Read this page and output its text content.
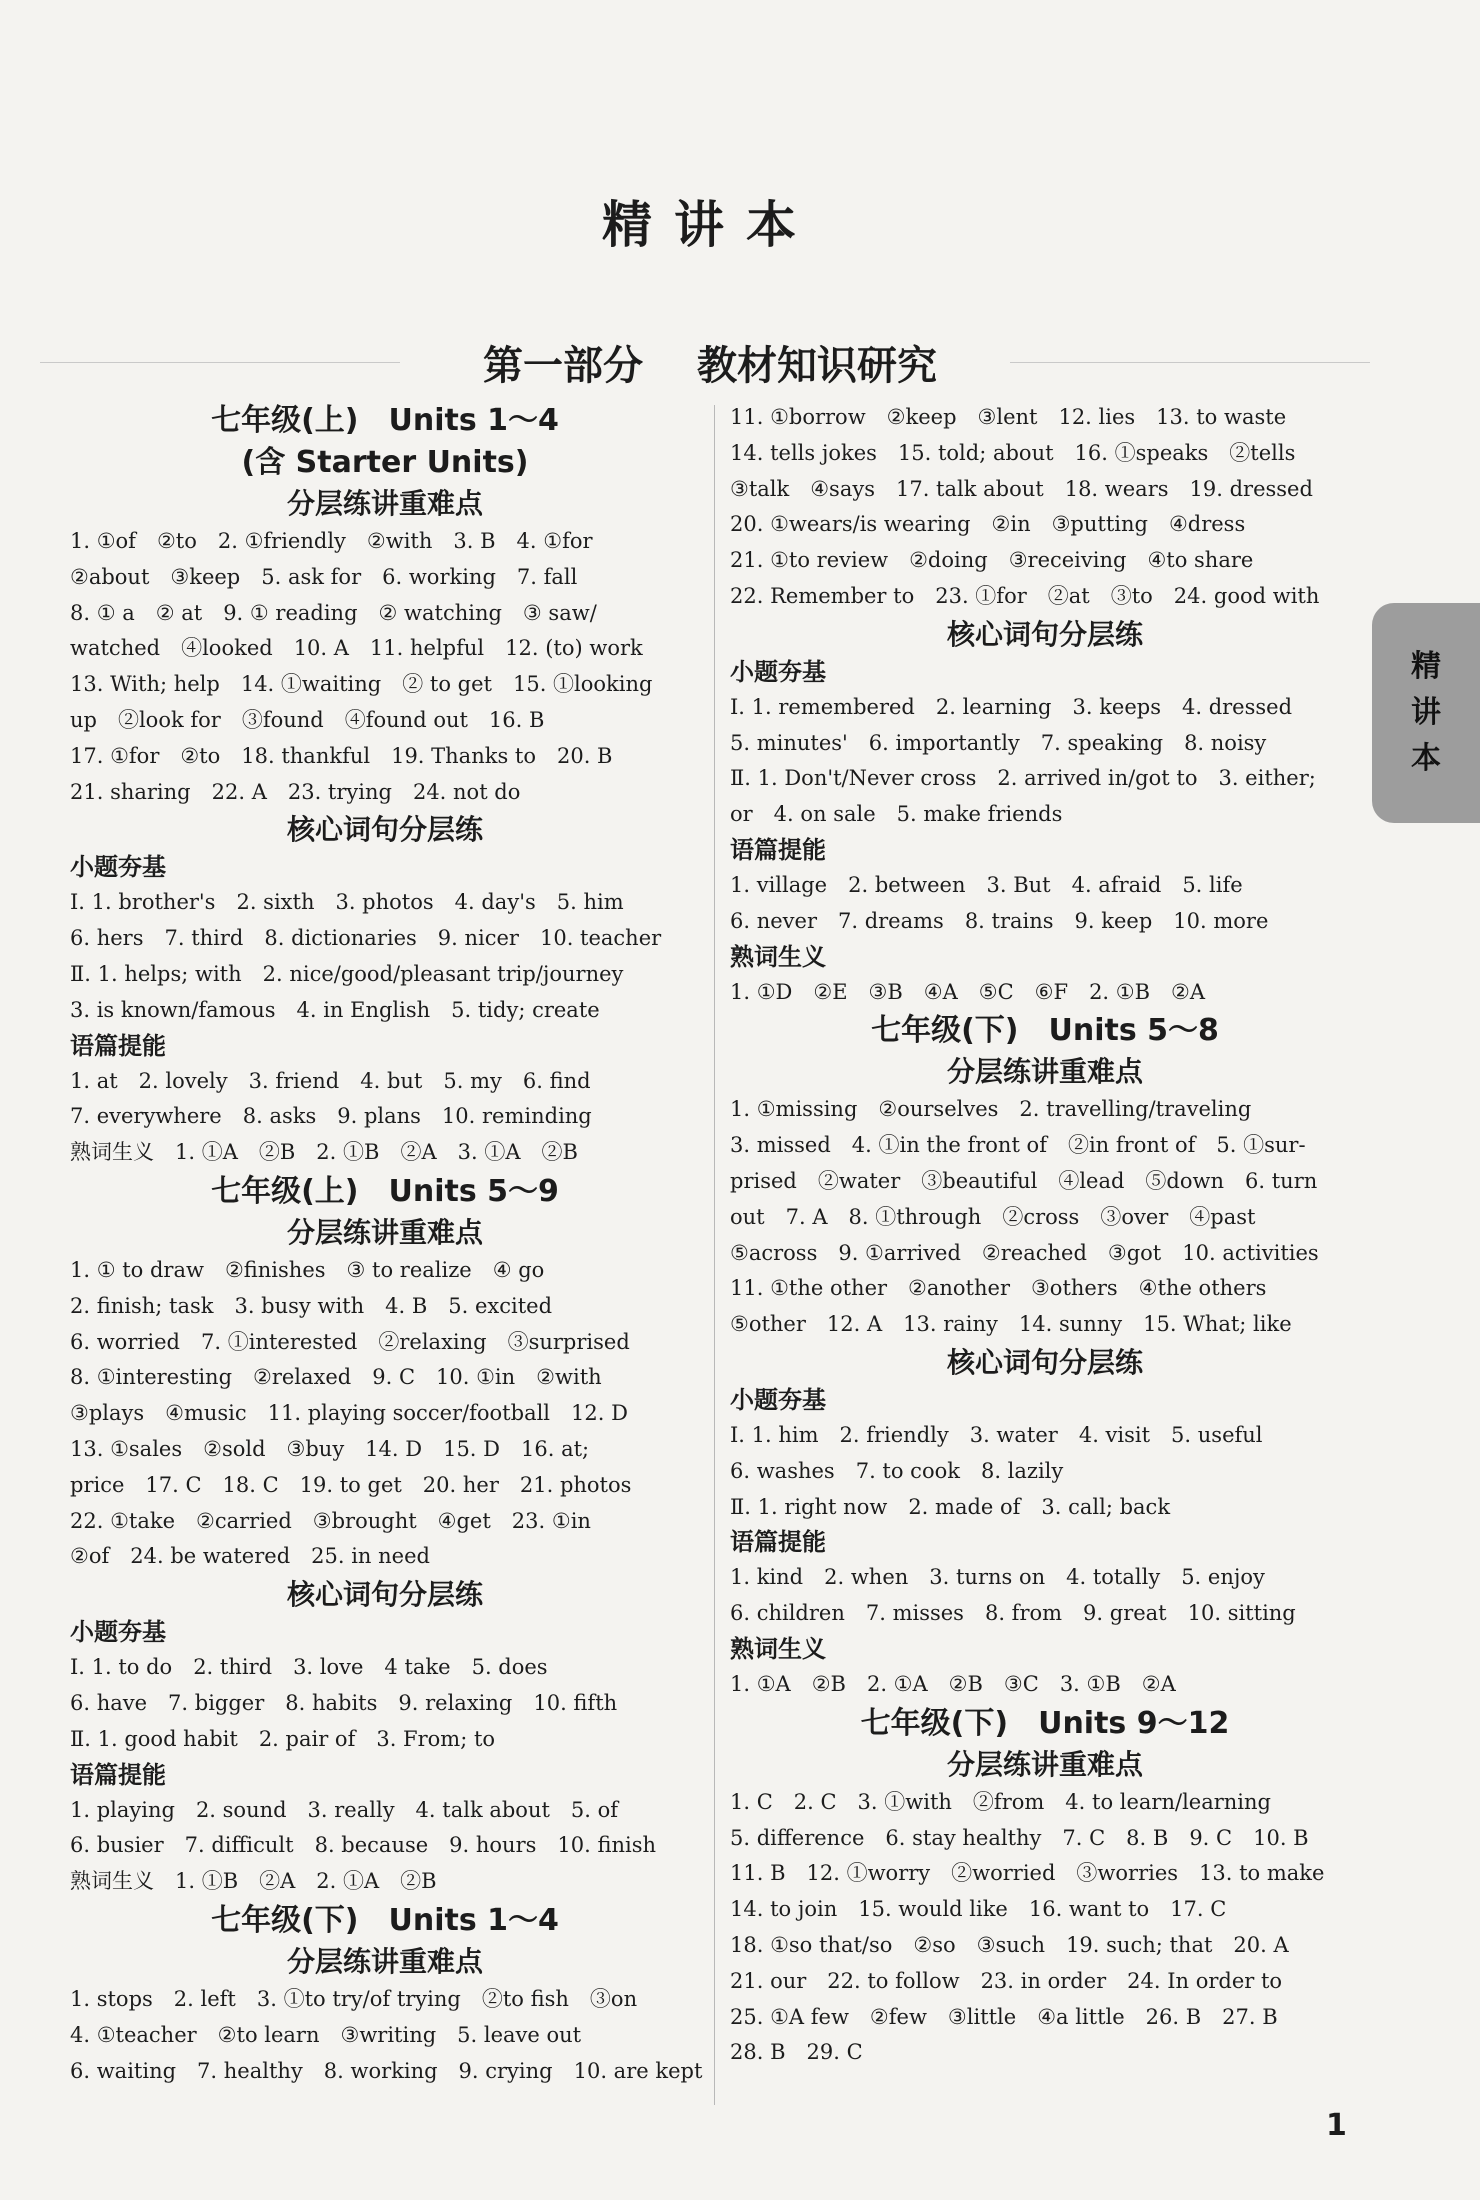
精讲本
第一部分 教材知识研究
七年级(上)　Units 1～4
(含 Starter Units)
分层练讲重难点
1. ①of　②to　2. ①friendly　②with　3. B　4. ①for
②about　③keep　5. ask for　6. working　7. fall
8. ① a　② at　9. ① reading　② watching　③ saw/
watched　④looked　10. A　11. helpful　12. (to) work
13. With; help　14. ①waiting　② to get　15. ①looking
up　②look for　③found　④found out　16. B
17. ①for　②to　18. thankful　19. Thanks to　20. B
21. sharing　22. A　23. trying　24. not do
核心词句分层练
小题夯基
Ⅰ. 1. brother's　2. sixth　3. photos　4. day's　5. him
6. hers　7. third　8. dictionaries　9. nicer　10. teacher
Ⅱ. 1. helps; with　2. nice/good/pleasant trip/journey
3. is known/famous　4. in English　5. tidy; create
语篇提能
1. at　2. lovely　3. friend　4. but　5. my　6. find
7. everywhere　8. asks　9. plans　10. reminding
熟词生义　1. ①A　②B　2. ①B　②A　3. ①A　②B
七年级(上)　Units 5～9
分层练讲重难点
1. ① to draw　②finishes　③ to realize　④ go
2. finish; task　3. busy with　4. B　5. excited
6. worried　7. ①interested　②relaxing　③surprised
8. ①interesting　②relaxed　9. C　10. ①in　②with
③plays　④music　11. playing soccer/football　12. D
13. ①sales　②sold　③buy　14. D　15. D　16. at;
price　17. C　18. C　19. to get　20. her　21. photos
22. ①take　②carried　③brought　④get　23. ①in
②of　24. be watered　25. in need
核心词句分层练
小题夯基
Ⅰ. 1. to do　2. third　3. love　4 take　5. does
6. have　7. bigger　8. habits　9. relaxing　10. fifth
Ⅱ. 1. good habit　2. pair of　3. From; to
语篇提能
1. playing　2. sound　3. really　4. talk about　5. of
6. busier　7. difficult　8. because　9. hours　10. finish
熟词生义　1. ①B　②A　2. ①A　②B
七年级(下)　Units 1～4
分层练讲重难点
1. stops　2. left　3. ①to try/of trying　②to fish　③on
4. ①teacher　②to learn　③writing　5. leave out
6. waiting　7. healthy　8. working　9. crying　10. are kept
11. ①borrow　②keep　③lent　12. lies　13. to waste
14. tells jokes　15. told; about　16. ①speaks　②tells
③talk　④says　17. talk about　18. wears　19. dressed
20. ①wears/is wearing　②in　③putting　④dress
21. ①to review　②doing　③receiving　④to share
22. Remember to　23. ①for　②at　③to　24. good with
核心词句分层练
小题夯基
Ⅰ. 1. remembered　2. learning　3. keeps　4. dressed
5. minutes'　6. importantly　7. speaking　8. noisy
Ⅱ. 1. Don't/Never cross　2. arrived in/got to　3. either;
or　4. on sale　5. make friends
语篇提能
1. village　2. between　3. But　4. afraid　5. life
6. never　7. dreams　8. trains　9. keep　10. more
熟词生义
1. ①D　②E　③B　④A　⑤C　⑥F　2. ①B　②A
七年级(下)　Units 5～8
分层练讲重难点
1. ①missing　②ourselves　2. travelling/traveling
3. missed　4. ①in the front of　②in front of　5. ①sur-
prised　②water　③beautiful　④lead　⑤down　6. turn
out　7. A　8. ①through　②cross　③over　④past
⑤across　9. ①arrived　②reached　③got　10. activities
11. ①the other　②another　③others　④the others
⑤other　12. A　13. rainy　14. sunny　15. What; like
核心词句分层练
小题夯基
Ⅰ. 1. him　2. friendly　3. water　4. visit　5. useful
6. washes　7. to cook　8. lazily
Ⅱ. 1. right now　2. made of　3. call; back
语篇提能
1. kind　2. when　3. turns on　4. totally　5. enjoy
6. children　7. misses　8. from　9. great　10. sitting
熟词生义
1. ①A　②B　2. ①A　②B　③C　3. ①B　②A
七年级(下)　Units 9～12
分层练讲重难点
1. C　2. C　3. ①with　②from　4. to learn/learning
5. difference　6. stay healthy　7. C　8. B　9. C　10. B
11. B　12. ①worry　②worried　③worries　13. to make
14. to join　15. would like　16. want to　17. C
18. ①so that/so　②so　③such　19. such; that　20. A
21. our　22. to follow　23. in order　24. In order to
25. ①A few　②few　③little　④a little　26. B　27. B
28. B　29. C
精
讲
本
1
